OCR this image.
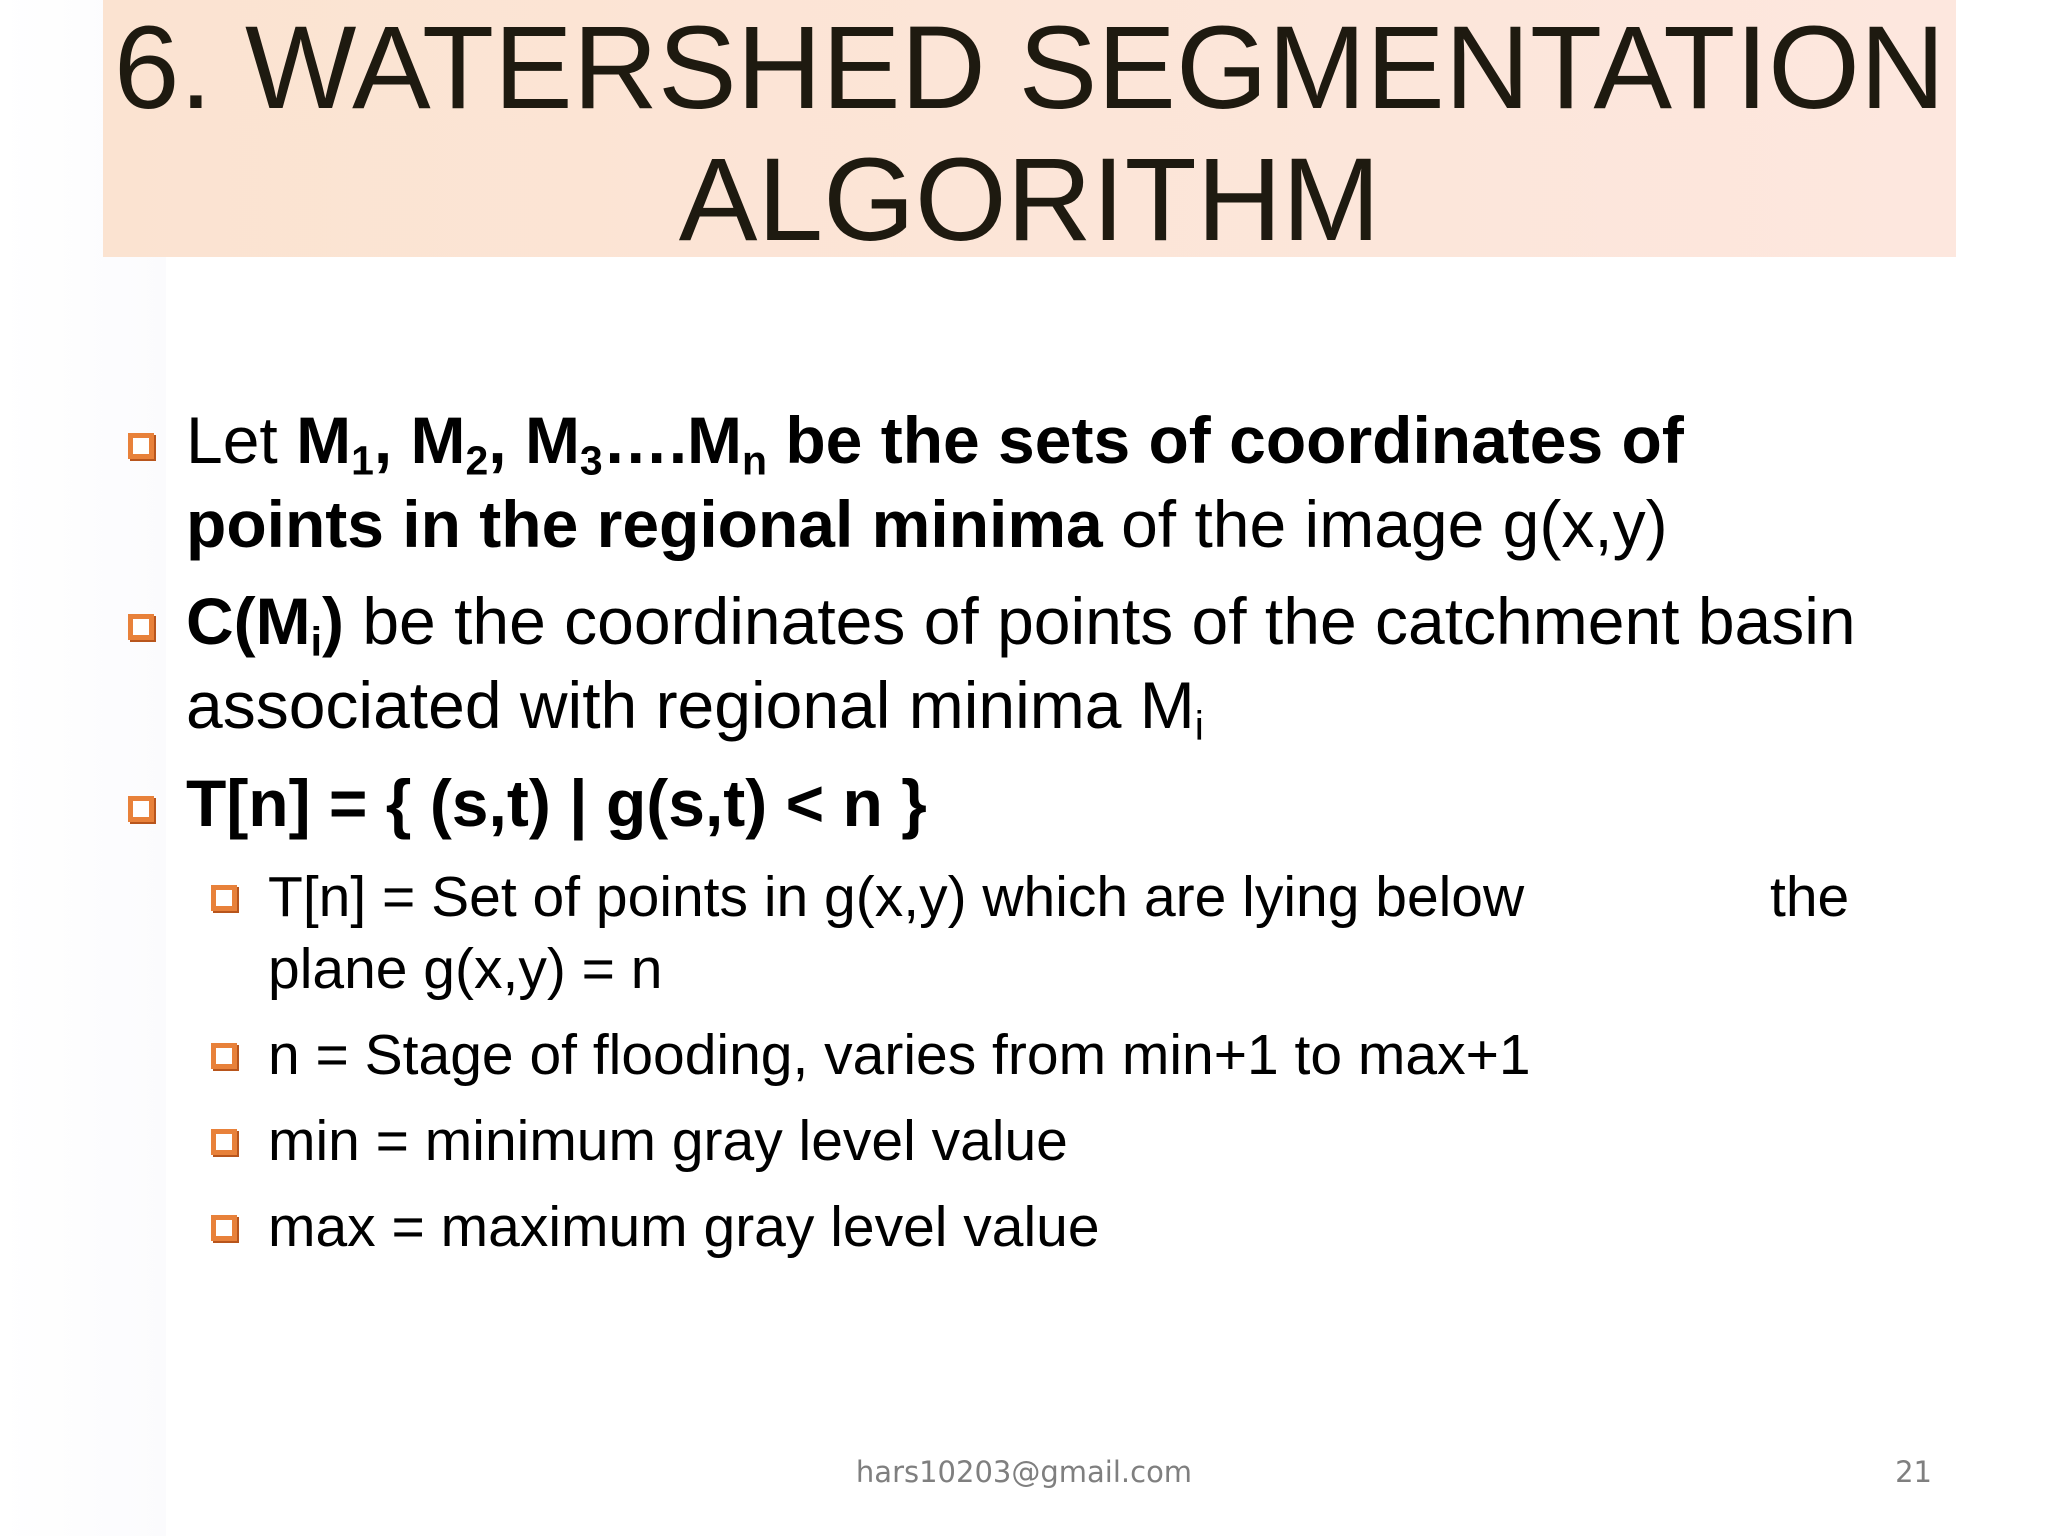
6. WATERSHED SEGMENTATION
ALGORITHM
Let $M_1$, $M_2$, $M_3\dots.M_n$ be the sets of coordinates of
points in the regional minima of the image g(x,y)
$C(M_i)$ be the coordinates of points of the catchment basin
associated with regional minima $M_i$
T[n] = { (s,t) | g(s,t) < n }
T[n] = Set of points in g(x,y) which are lying below	the
plane g(x,y) = n
n = Stage of flooding, varies from min+1 to max+1
min = minimum gray level value
max = maximum gray level value
hars10203@gmail.com	21
